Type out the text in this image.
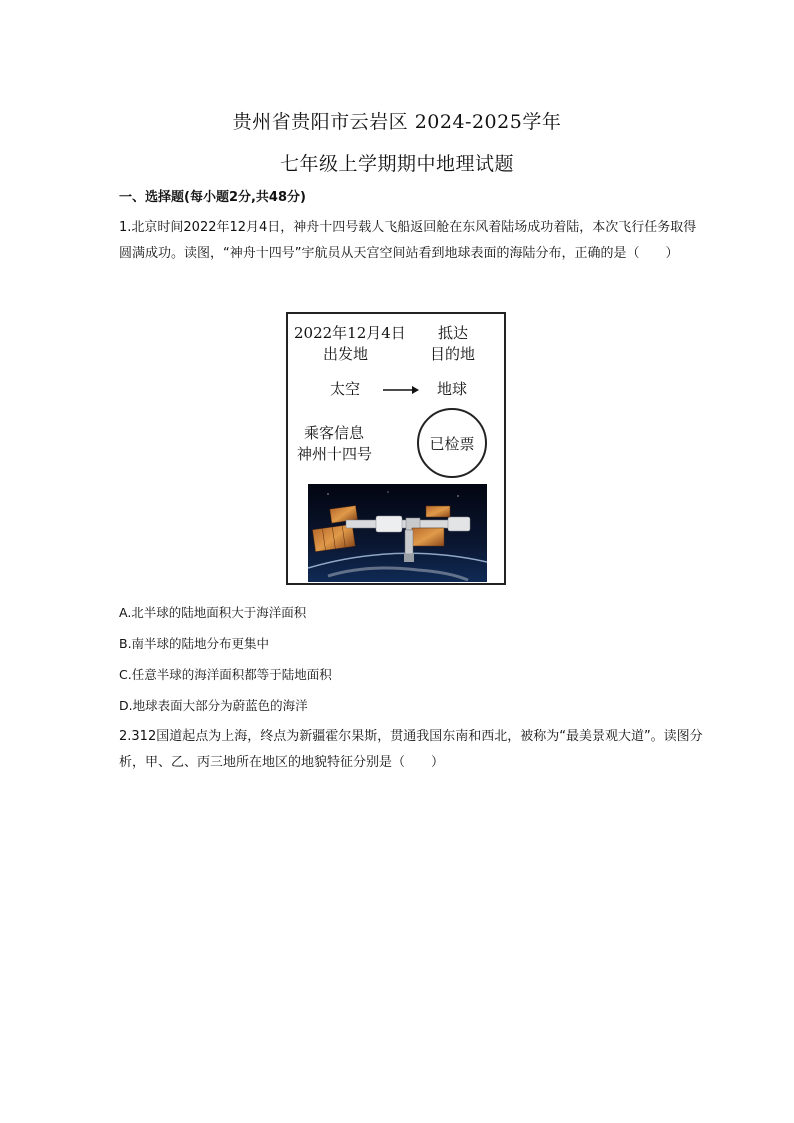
贵州省贵阳市云岩区 2024-2025学年
七年级上学期期中地理试题
一、选择题(每小题2分,共48分)
1.北京时间2022年12月4日，神舟十四号载人飞船返回舱在东风着陆场成功着陆，本次飞行任务取得圆满成功。读图，“神舟十四号”宇航员从天宫空间站看到地球表面的海陆分布，正确的是（　　）
2022年12月4日
出发地
抵达
目的地
太空	地球
乘客信息
神州十四号
已检票
A.北半球的陆地面积大于海洋面积
B.南半球的陆地分布更集中
C.任意半球的海洋面积都等于陆地面积
D.地球表面大部分为蔚蓝色的海洋
2.312国道起点为上海，终点为新疆霍尔果斯，贯通我国东南和西北，被称为“最美景观大道”。读图分析，甲、乙、丙三地所在地区的地貌特征分别是（　　）
